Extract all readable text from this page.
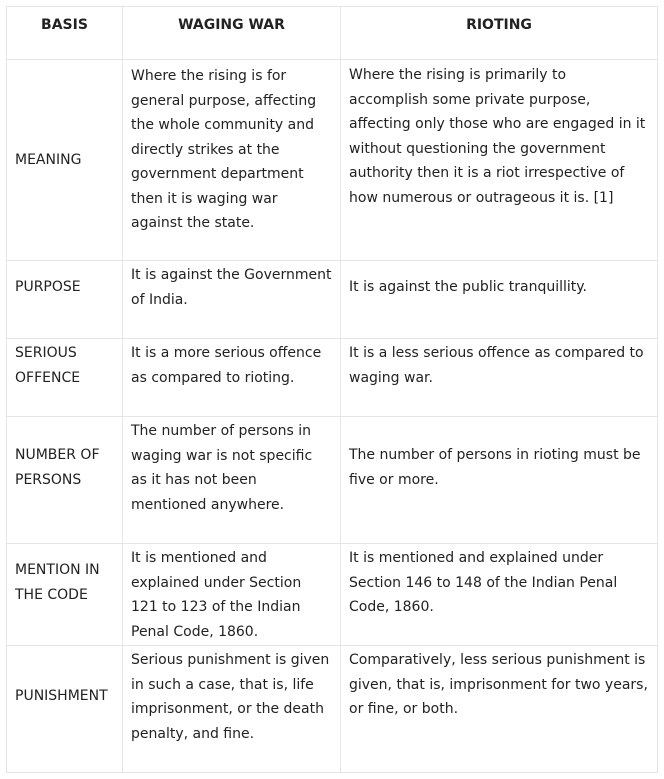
BASIS	WAGING WAR	RIOTING
MEANING	Where the rising is for general purpose, affecting the whole community and directly strikes at the government department then it is waging war against the state.	Where the rising is primarily to accomplish some private purpose, affecting only those who are engaged in it without questioning the government authority then it is a riot irrespective of how numerous or outrageous it is. [1]
PURPOSE	It is against the Government of India.	It is against the public tranquillity.
SERIOUS OFFENCE	It is a more serious offence as compared to rioting.	It is a less serious offence as compared to waging war.
NUMBER OF PERSONS	The number of persons in waging war is not specific as it has not been mentioned anywhere.	The number of persons in rioting must be five or more.
MENTION IN THE CODE	It is mentioned and explained under Section 121 to 123 of the Indian Penal Code, 1860.	It is mentioned and explained under Section 146 to 148 of the Indian Penal Code, 1860.
PUNISHMENT	Serious punishment is given in such a case, that is, life imprisonment, or the death penalty, and fine.	Comparatively, less serious punishment is given, that is, imprisonment for two years, or fine, or both.
